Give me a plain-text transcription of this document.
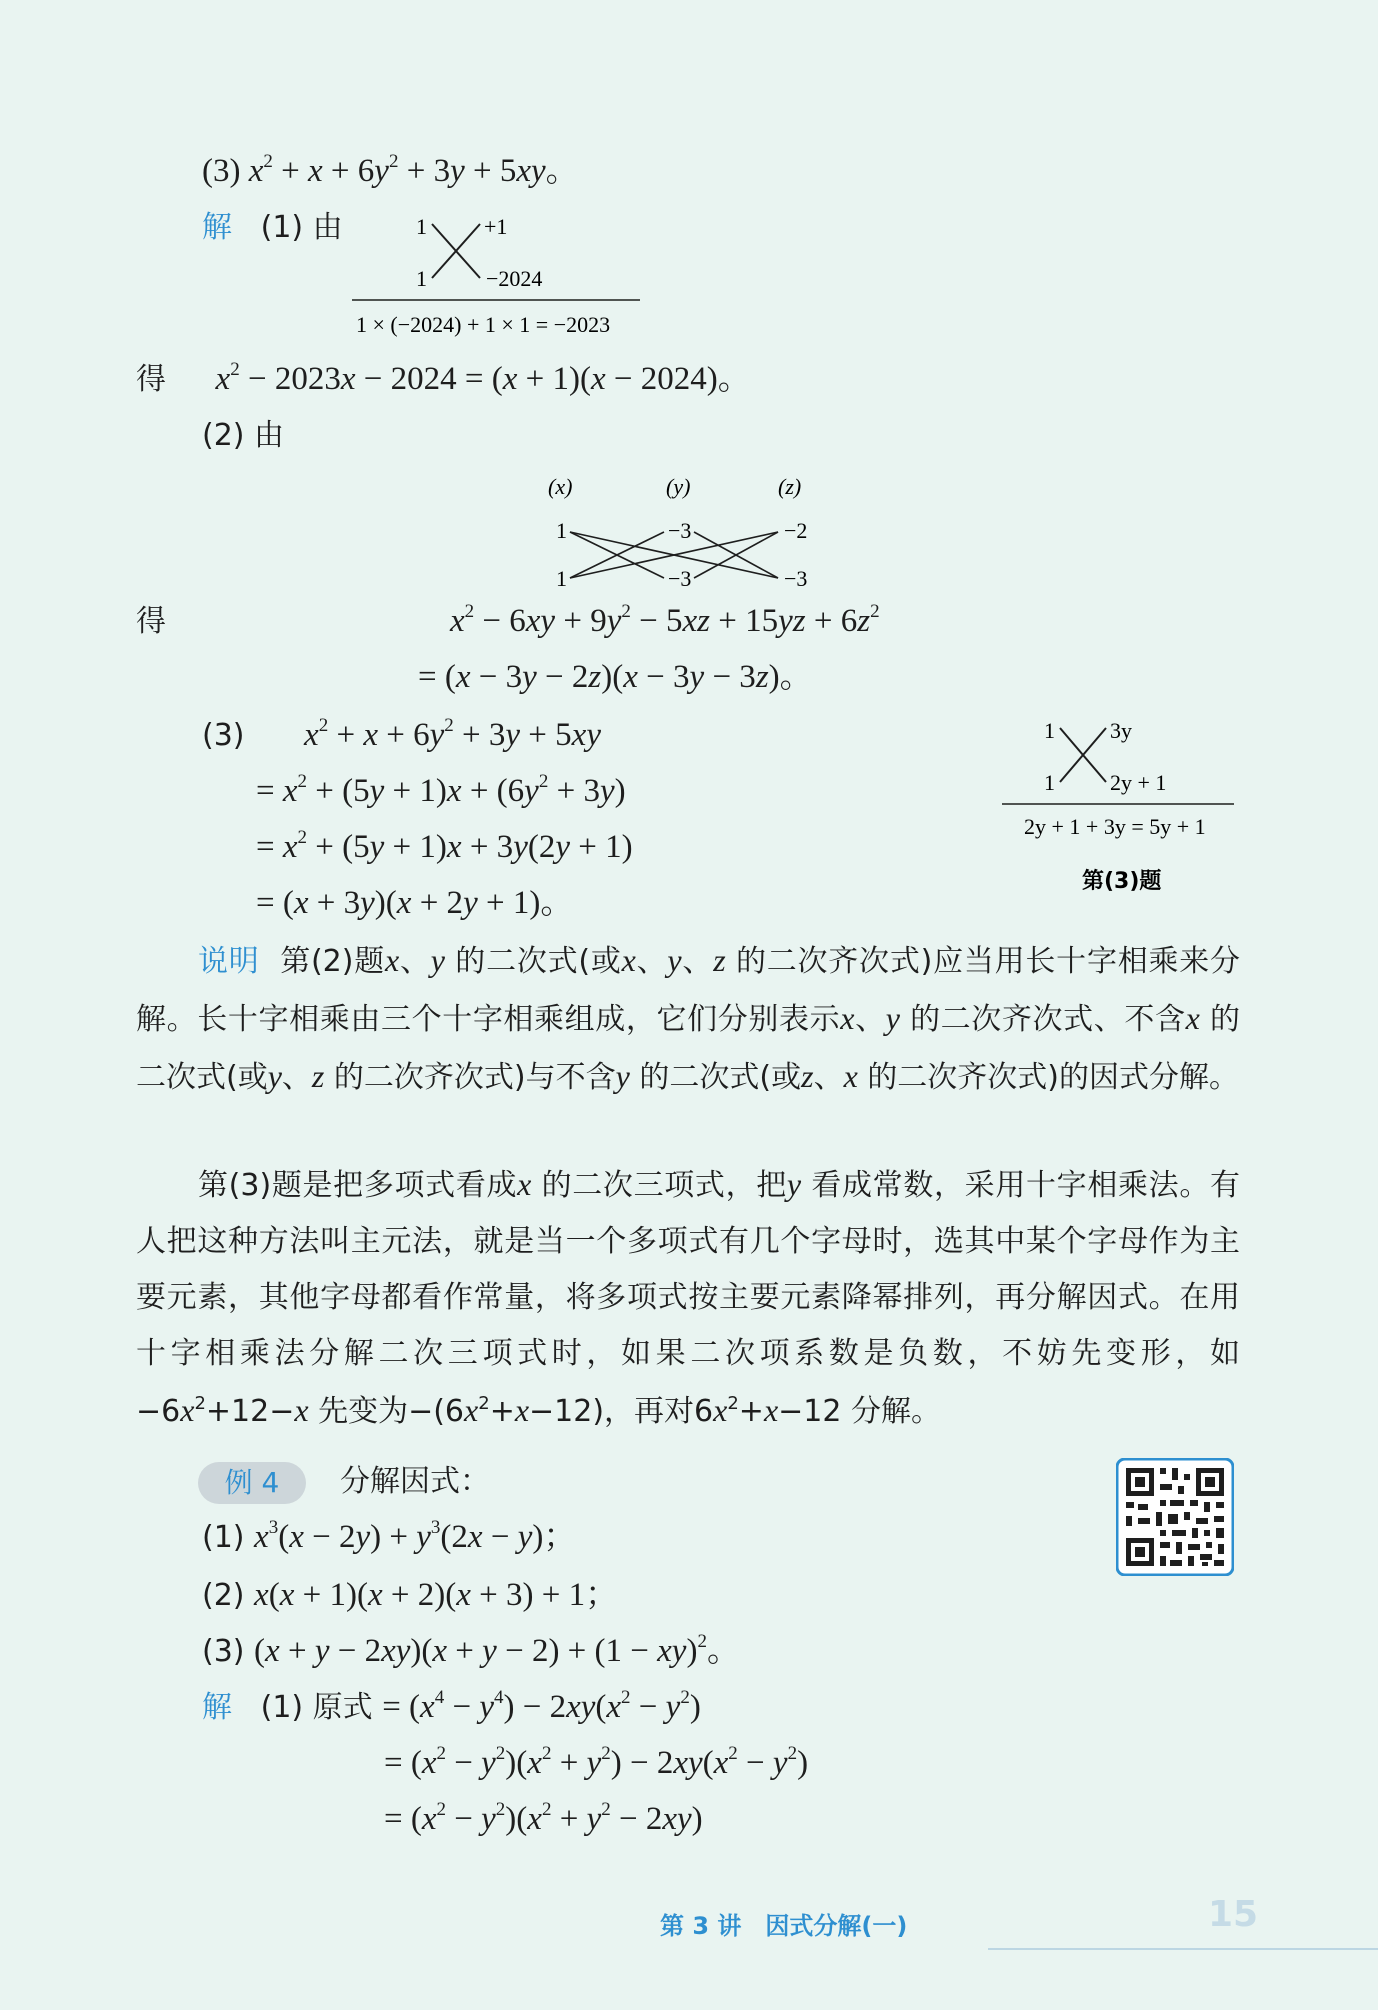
(3) $x^2 + x + 6y^2 + 3y + 5xy$。
解 (1) 由	1	+1
1	−2024
1 × (−2024) + 1 × 1 = −2023
得 $x^2 - 2023x - 2024 = (x + 1)(x - 2024)$。
(2) 由
(x)	(y)	(z)
1	−3	−2
1	−3	−3
得	$x^2 - 6xy + 9y^2 - 5xz + 15yz + 6z^2$
= (x − 3y − 2z)(x − 3y − 3z)。
(3) $x^2 + x + 6y^2 + 3y + 5xy$
= $x^2 + (5y + 1)x + (6y^2 + 3y)$
= $x^2 + (5y + 1)x + 3y(2y + 1)$
= (x + 3y)(x + 2y + 1)。
1	3y
1	2y + 1
2y + 1 + 3y = 5y + 1
第(3)题
说明 第(2)题x、y 的二次式(或x、y、z 的二次齐次式)应当用长十字相乘来分解。长十字相乘由三个十字相乘组成，它们分别表示x、y 的二次齐次式、不含x 的二次式(或y、z 的二次齐次式)与不含y 的二次式(或z、x 的二次齐次式)的因式分解。
第(3)题是把多项式看成x 的二次三项式，把y 看成常数，采用十字相乘法。有人把这种方法叫主元法，就是当一个多项式有几个字母时，选其中某个字母作为主要元素，其他字母都看作常量，将多项式按主要元素降幂排列，再分解因式。在用十字相乘法分解二次三项式时，如果二次项系数是负数，不妨先变形，如$-6x^2+12-x$ 先变为$-(6x^2+x-12)$，再对$6x^2+x-12$ 分解。
例 4	分解因式：
(1) $x^3(x - 2y) + y^3(2x - y)$；
(2) x(x + 1)(x + 2)(x + 3) + 1；
(3) (x + y − 2xy)(x + y − 2) + (1 − xy)$^2$。
解 (1) 原式 = $(x^4 - y^4) - 2xy(x^2 - y^2)$
= $(x^2 - y^2)(x^2 + y^2) - 2xy(x^2 - y^2)$
= $(x^2 - y^2)(x^2 + y^2 - 2xy)$
第 3 讲　因式分解(一)	15
